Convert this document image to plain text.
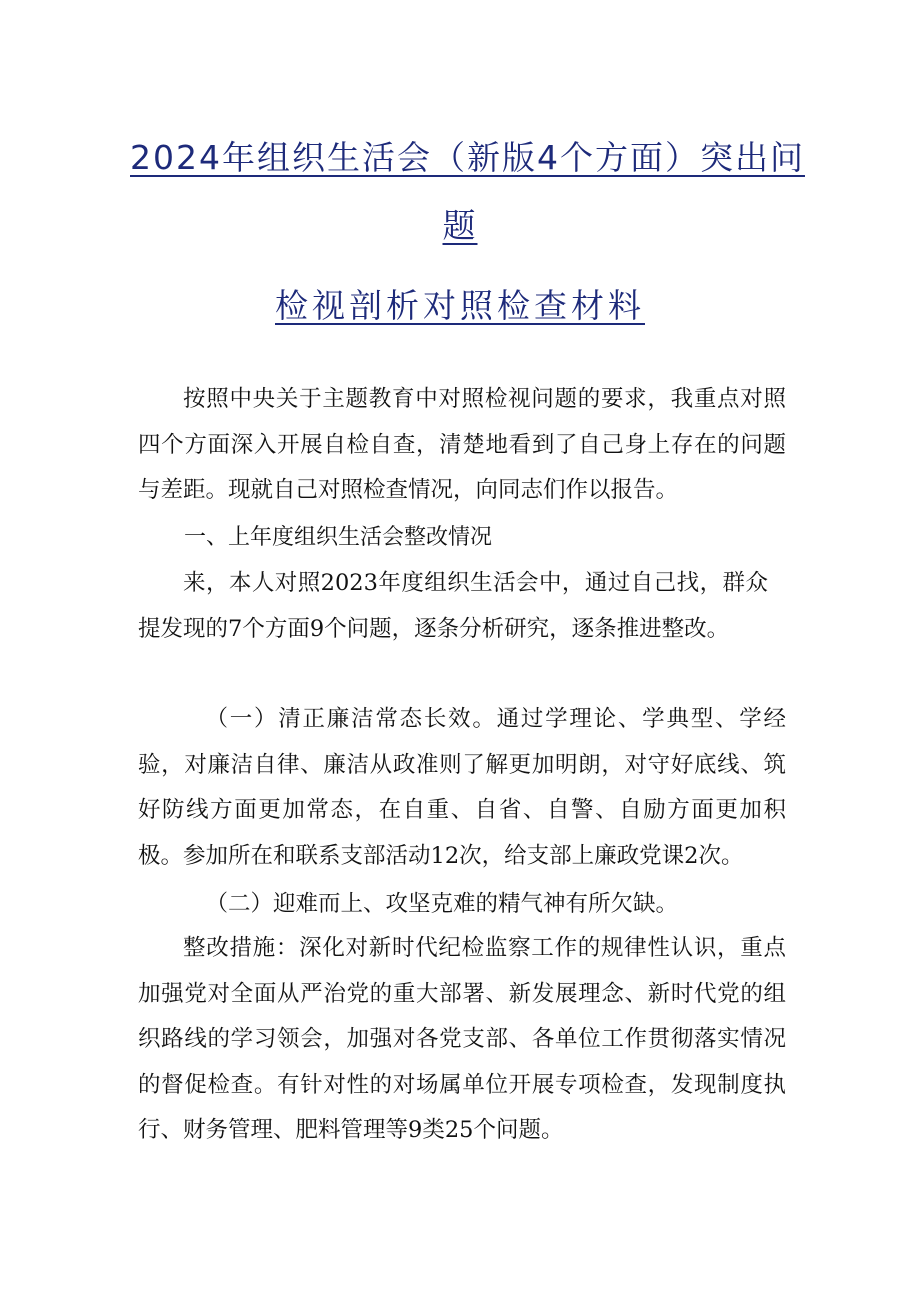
2024年组织生活会（新版4个方面）突出问
题
检视剖析对照检查材料

按照中央关于主题教育中对照检视问题的要求，我重点对照四个方面深入开展自检自查，清楚地看到了自己身上存在的问题与差距。现就自己对照检查情况，向同志们作以报告。

一、上年度组织生活会整改情况

来，本人对照2023年度组织生活会中，通过自己找，群众提发现的7个方面9个问题，逐条分析研究，逐条推进整改。

（一）清正廉洁常态长效。通过学理论、学典型、学经验，对廉洁自律、廉洁从政准则了解更加明朗，对守好底线、筑好防线方面更加常态，在自重、自省、自警、自励方面更加积极。参加所在和联系支部活动12次，给支部上廉政党课2次。

（二）迎难而上、攻坚克难的精气神有所欠缺。

整改措施：深化对新时代纪检监察工作的规律性认识，重点加强党对全面从严治党的重大部署、新发展理念、新时代党的组织路线的学习领会，加强对各党支部、各单位工作贯彻落实情况的督促检查。有针对性的对场属单位开展专项检查，发现制度执行、财务管理、肥料管理等9类25个问题。
